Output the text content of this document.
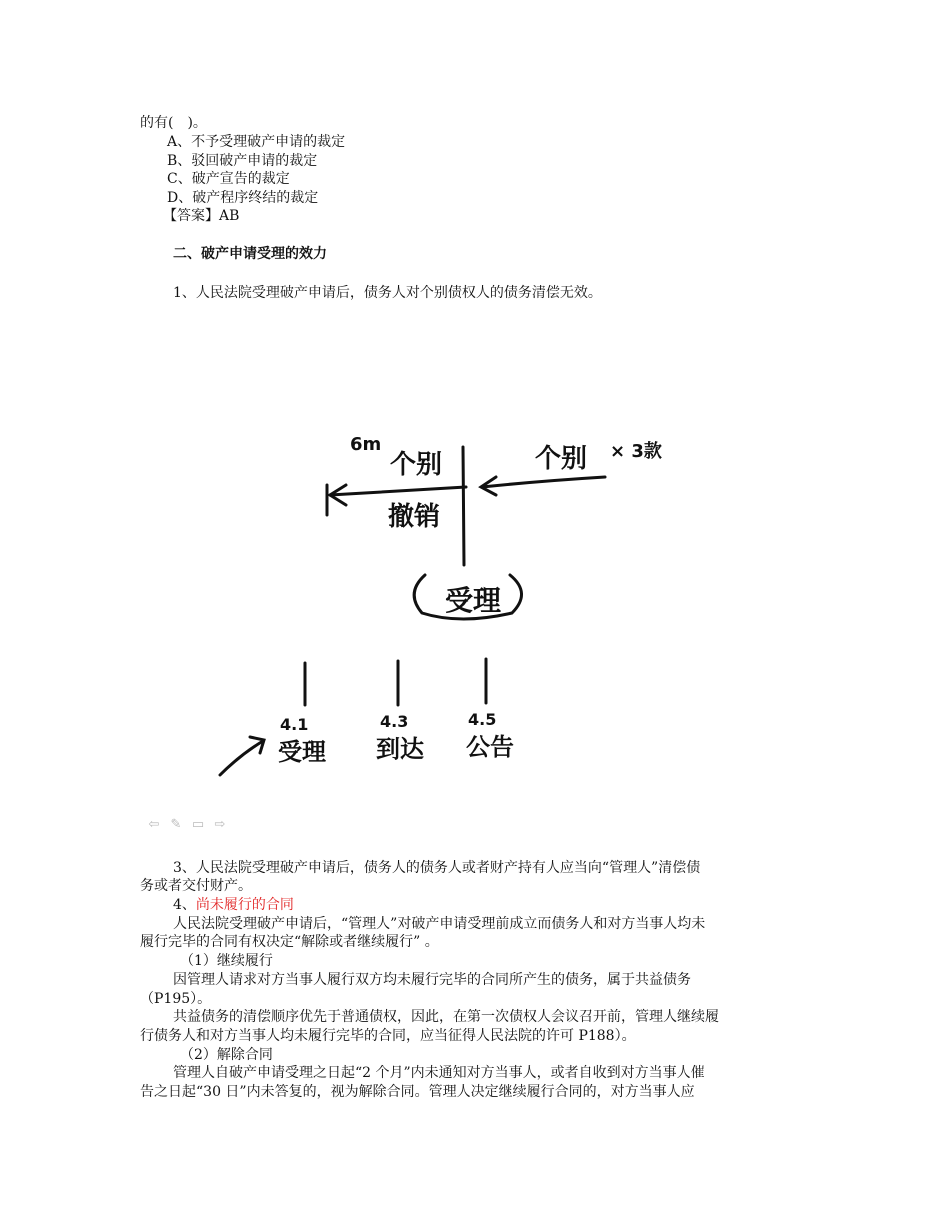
的有(　)。
A、不予受理破产申请的裁定
B、驳回破产申请的裁定
C、破产宣告的裁定
D、破产程序终结的裁定
【答案】AB
二、破产申请受理的效力
1、人民法院受理破产申请后，债务人对个别债权人的债务清偿无效。
6m
个别	个别 × 3款
撤销
受理
4.1
受理
4.3
到达
4.5
公告
⇦ ✎ ▭ ⇨
3、人民法院受理破产申请后，债务人的债务人或者财产持有人应当向“管理人”清偿债
务或者交付财产。
4、尚未履行的合同
人民法院受理破产申请后，“管理人”对破产申请受理前成立而债务人和对方当事人均未
履行完毕的合同有权决定“解除或者继续履行” 。
（1）继续履行
因管理人请求对方当事人履行双方均未履行完毕的合同所产生的债务，属于共益债务
（P195）。
共益债务的清偿顺序优先于普通债权，因此，在第一次债权人会议召开前，管理人继续履
行债务人和对方当事人均未履行完毕的合同，应当征得人民法院的许可 P188）。
（2）解除合同
管理人自破产申请受理之日起“2 个月”内未通知对方当事人，或者自收到对方当事人催
告之日起“30 日”内未答复的，视为解除合同。管理人决定继续履行合同的，对方当事人应
